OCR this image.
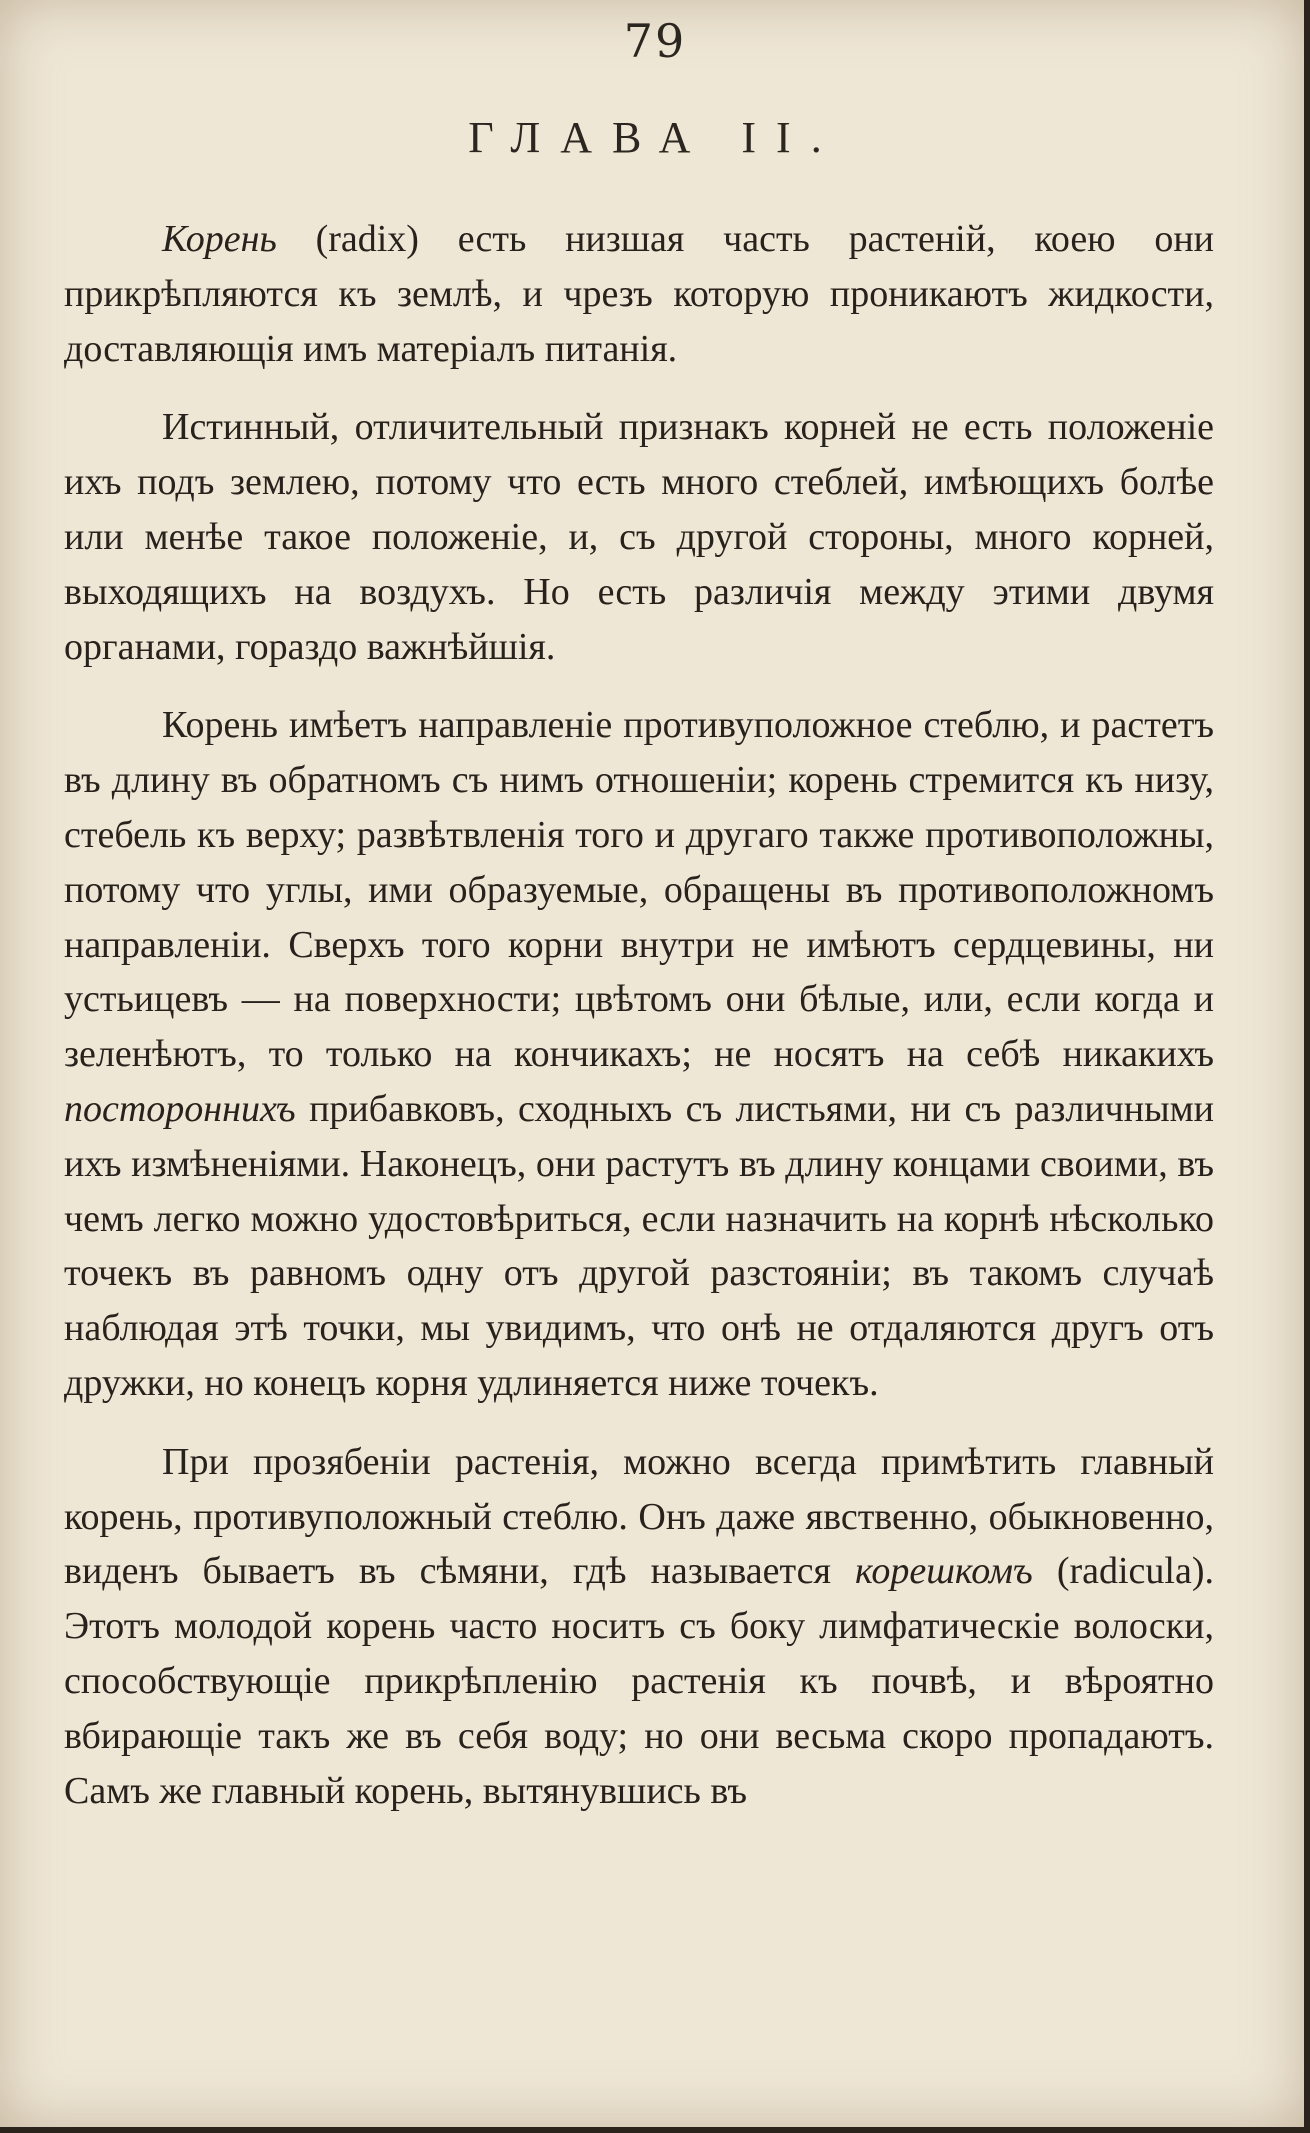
79
ГЛАВА II.

Корень (radix) есть низшая часть растеній, коею они прикрѣпляются къ землѣ, и чрезъ которую проникаютъ жидкости, доставляющія имъ матеріалъ питанія.

Истинный, отличительный признакъ корней не есть положеніе ихъ подъ землею, потому что есть много стеблей, имѣющихъ болѣе или менѣе такое положеніе, и, съ другой стороны, много корней, выходящихъ на воздухъ. Но есть различія между этими двумя органами, гораздо важнѣйшія.

Корень имѣетъ направленіе противуположное стеблю, и растетъ въ длину въ обратномъ съ нимъ отношеніи; корень стремится къ низу, стебель къ верху; развѣтвленія того и другаго также противоположны, потому что углы, ими образуемые, обращены въ противоположномъ направленіи. Сверхъ того корни внутри не имѣютъ сердцевины, ни устьицевъ — на поверхности; цвѣтомъ они бѣлые, или, если когда и зеленѣютъ, то только на кончикахъ; не носятъ на себѣ никакихъ постороннихъ прибавковъ, сходныхъ съ листьями, ни съ различными ихъ измѣненіями. Наконецъ, они растутъ въ длину концами своими, въ чемъ легко можно удостовѣриться, если назначить на корнѣ нѣсколько точекъ въ равномъ одну отъ другой разстояніи; въ такомъ случаѣ наблюдая этѣ точки, мы увидимъ, что онѣ не отдаляются другъ отъ дружки, но конецъ корня удлиняется ниже точекъ.

При прозябеніи растенія, можно всегда примѣтить главный корень, противуположный стеблю. Онъ даже явственно, обыкновенно, виденъ бываетъ въ сѣмяни, гдѣ называется корешкомъ (radicula). Этотъ молодой корень часто носитъ съ боку лимфатическіе волоски, способствующіе прикрѣпленію растенія къ почвѣ, и вѣроятно вбирающіе такъ же въ себя воду; но они весьма скоро пропадаютъ. Самъ же главный корень, вытянувшись въ
